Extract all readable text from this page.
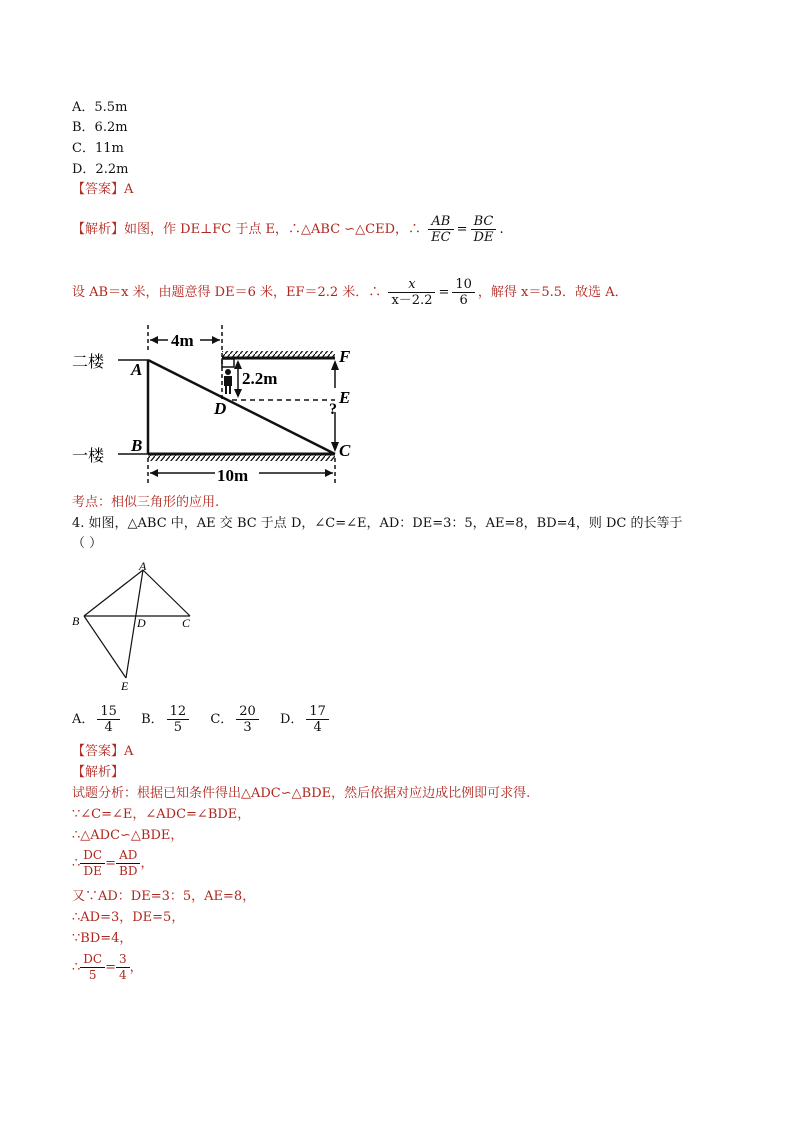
A．5.5m
B．6.2m
C．11m
D．2.2m
【答案】A
【解析】如图，作 DE⊥FC 于点 E，∴△ABC ∽△CED，∴ $\frac{AB}{EC} = \frac{BC}{DE}$ .
设 AB＝x 米，由题意得 DE＝6 米，EF＝2.2 米．∴ $\frac{x}{x-2.2} = \frac{10}{6}$ ，解得 x＝5.5．故选 A．
4m
10m
2.2m
二楼
一楼
A
B	C
D
E
F
?
考点：相似三角形的应用.
4. 如图，△ABC 中，AE 交 BC 于点 D，∠C=∠E，AD：DE=3：5，AE=8，BD=4，则 DC 的长等于
（ ）
A
B	C
D
E
A． $\frac{15}{4}$ B． $\frac{12}{5}$ C． $\frac{20}{3}$ D． $\frac{17}{4}$
【答案】A
【解析】
试题分析：根据已知条件得出△ADC∽△BDE，然后依据对应边成比例即可求得.
∵∠C=∠E，∠ADC=∠BDE，
∴△ADC∽△BDE，
∴ $\frac{DC}{DE} = \frac{AD}{BD}$ ，
又∵AD：DE=3：5，AE=8，
∴AD=3，DE=5，
∵BD=4，
∴ $\frac{DC}{5} = \frac{3}{4}$ ，
